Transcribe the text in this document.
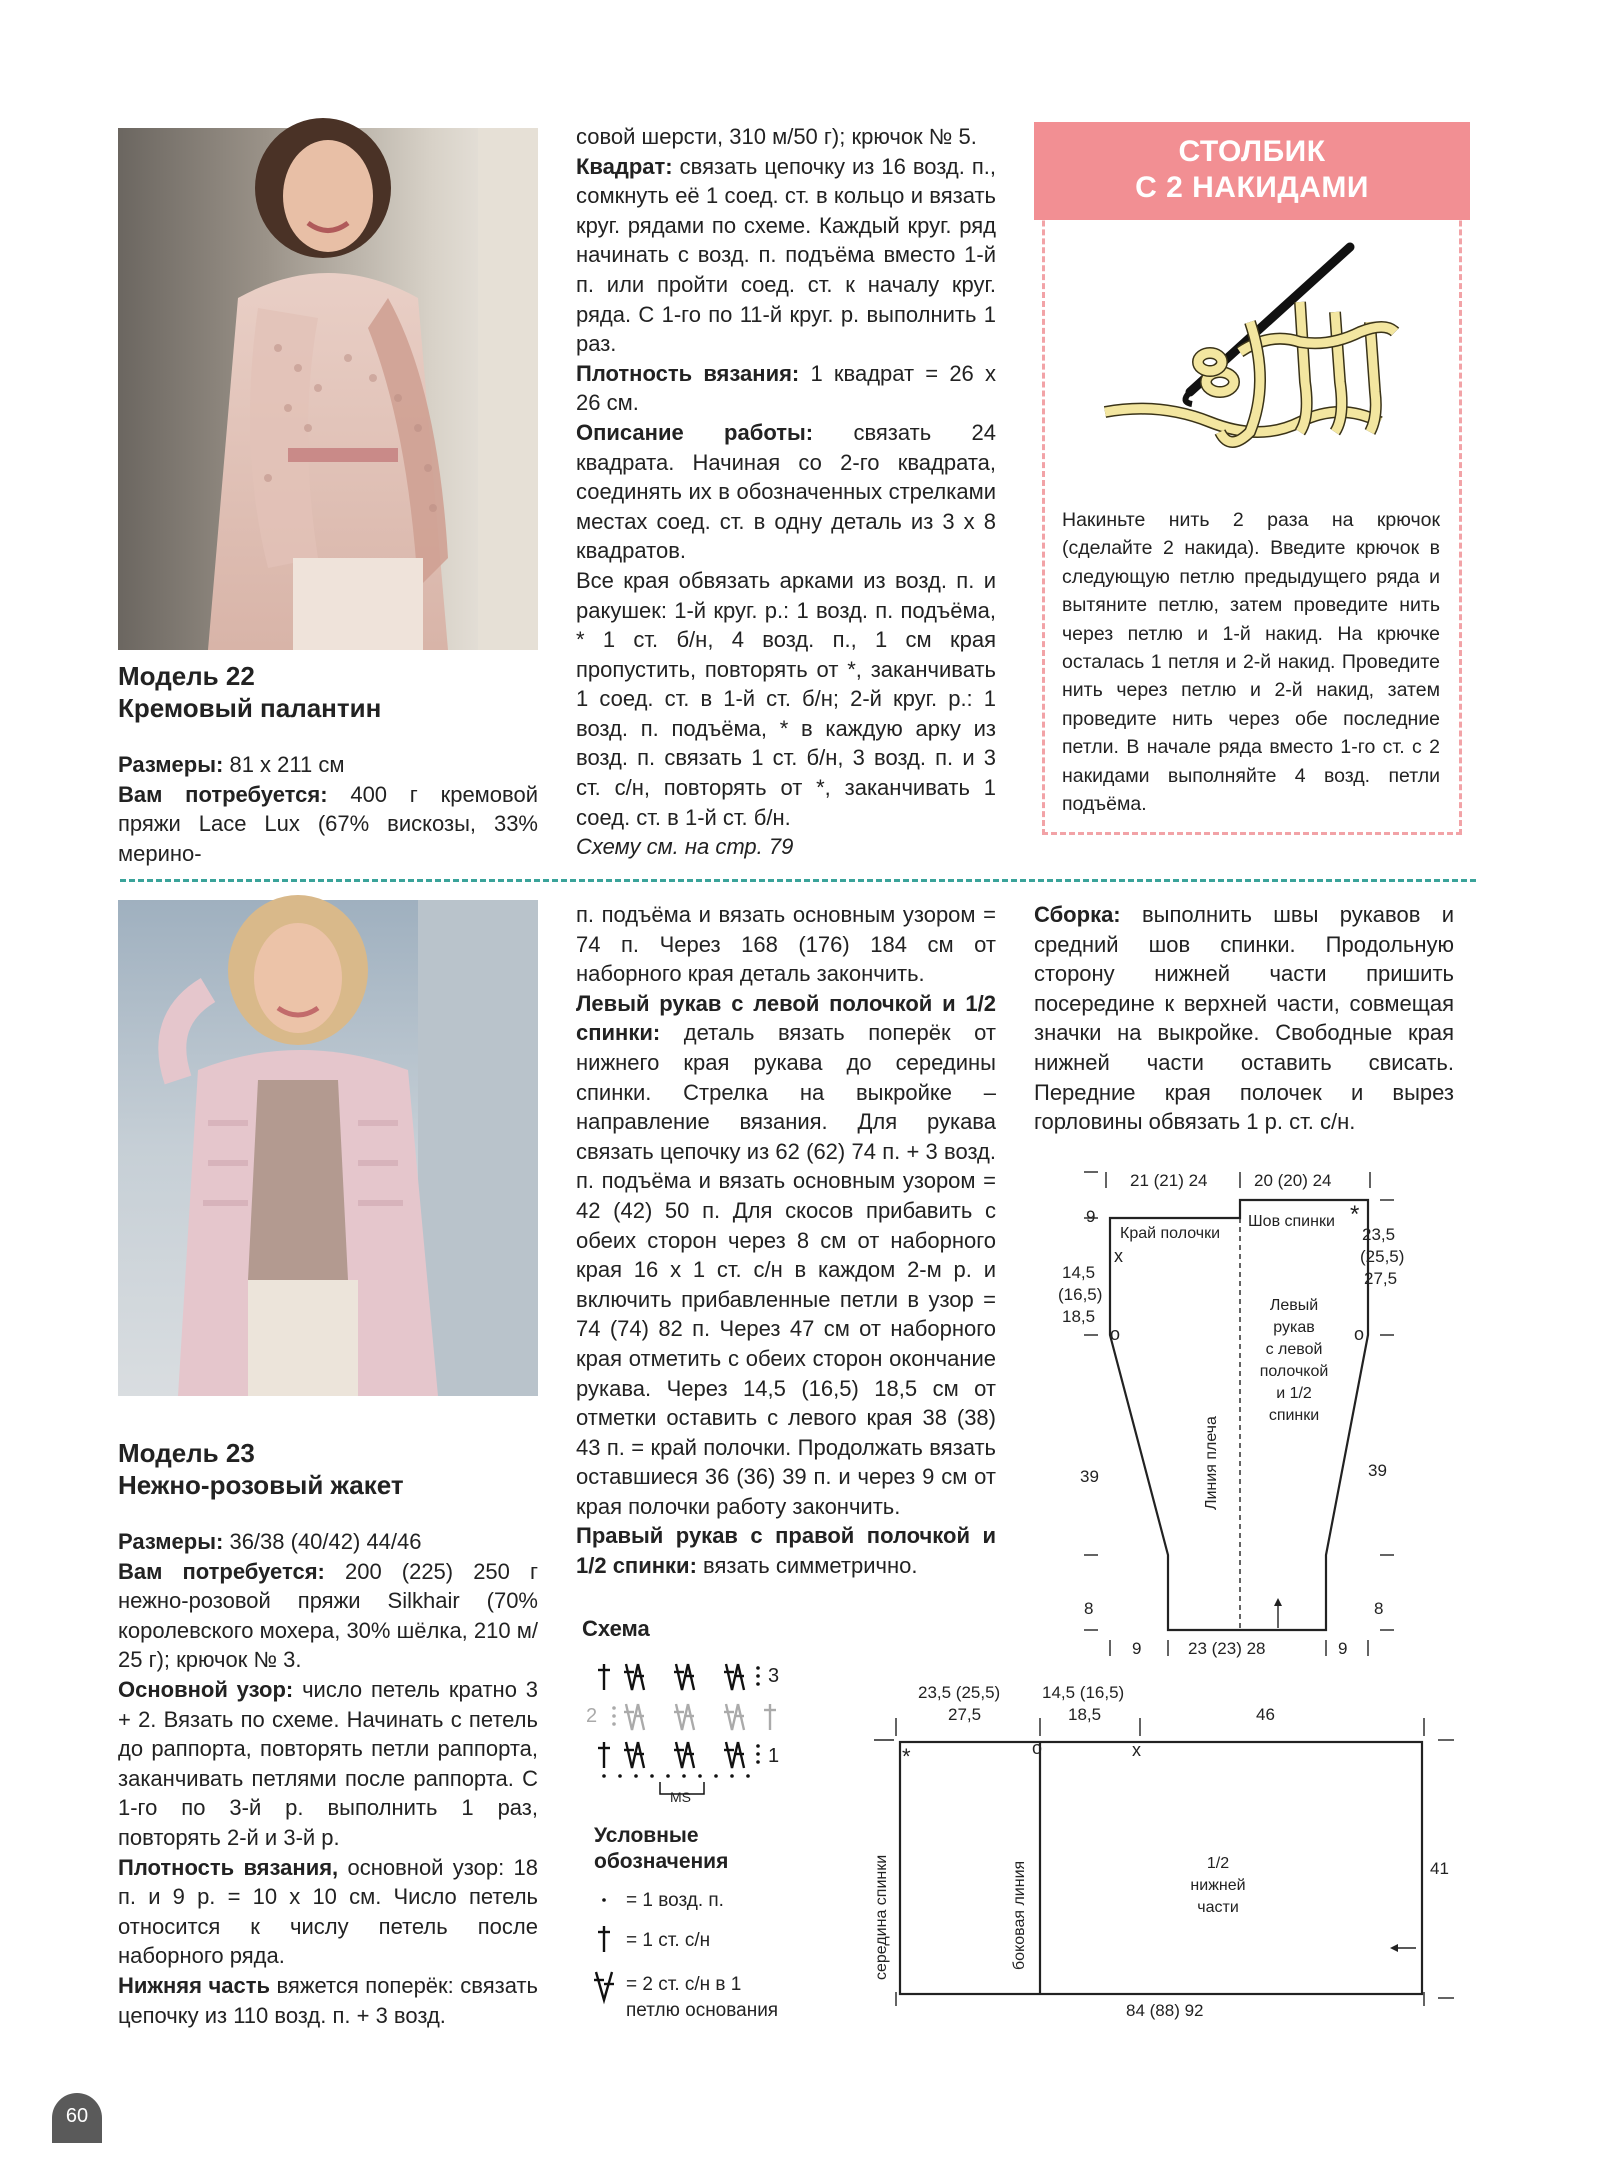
Модель 22
Кремовый палантин

Размеры: 81 x 211 см

Вам потребуется: 400 г кремовой пряжи Lace Lux (67% вискозы, 33% мерино-

совой шерсти, 310 м/50 г); крючок № 5.

Квадрат: связать цепочку из 16 возд. п., сомкнуть её 1 соед. ст. в кольцо и вязать круг. рядами по схеме. Каждый круг. ряд начинать с возд. п. подъёма вместо 1-й п. или пройти соед. ст. к началу круг. ряда. С 1-го по 11-й круг. р. выполнить 1 раз.

Плотность вязания: 1 квадрат = 26 x 26 см.

Описание работы: связать 24 квадрата. Начиная со 2-го квадрата, соединять их в обозначенных стрелками местах соед. ст. в одну деталь из 3 x 8 квадратов.

Все края обвязать арками из возд. п. и ракушек: 1-й круг. р.: 1 возд. п. подъёма, * 1 ст. б/н, 4 возд. п., 1 см края пропустить, повторять от *, заканчивать 1 соед. ст. в 1-й ст. б/н; 2-й круг. р.: 1 возд. п. подъёма, * в каждую арку из возд. п. связать 1 ст. б/н, 3 возд. п. и 3 ст. с/н, повторять от *, заканчивать 1 соед. ст. в 1-й ст. б/н.

Схему см. на стр. 79

СТОЛБИК
С 2 НАКИДАМИ
Накиньте нить 2 раза на крючок (сделайте 2 накида). Введите крючок в следующую петлю предыдущего ряда и вытяните петлю, затем проведите нить через петлю и 1-й накид. На крючке осталась 1 петля и 2-й накид. Проведите нить через петлю и 2-й накид, затем проведите нить через обе последние петли. В начале ряда вместо 1-го ст. с 2 накидами выполняйте 4 возд. петли подъёма.
Модель 23
Нежно-розовый жакет

Размеры: 36/38 (40/42) 44/46

Вам потребуется: 200 (225) 250 г нежно-розовой пряжи Silkhair (70% королевского мохера, 30% шёлка, 210 м/ 25 г); крючок № 3.

Основной узор: число петель кратно 3 + 2. Вязать по схеме. Начинать с петель до раппорта, повторять петли раппорта, заканчивать петлями после раппорта. С 1-го по 3-й р. выполнить 1 раз, повторять 2-й и 3-й р.

Плотность вязания, основной узор: 18 п. и 9 р. = 10 x 10 см. Число петель относится к числу петель после наборного ряда.

Нижняя часть вяжется поперёк: связать цепочку из 110 возд. п. + 3 возд.

п. подъёма и вязать основным узором = 74 п. Через 168 (176) 184 см от наборного края деталь закончить.

Левый рукав с левой полочкой и 1/2 спинки: деталь вязать поперёк от нижнего края рукава до середины спинки. Стрелка на выкройке – направление вязания. Для рукава связать цепочку из 62 (62) 74 п. + 3 возд. п. подъёма и вязать основным узором = 42 (42) 50 п. Для скосов прибавить с обеих сторон через 8 см от наборного края 16 x 1 ст. с/н в каждом 2-м р. и включить прибавленные петли в узор = 74 (74) 82 п. Через 47 см от наборного края отметить с обеих сторон окончание рукава. Через 14,5 (16,5) 18,5 см от отметки оставить с левого края 38 (38) 43 п. = край полочки. Продолжать вязать оставшиеся 36 (36) 39 п. и через 9 см от края полочки работу закончить.

Правый рукав с правой полочкой и 1/2 спинки: вязать симметрично.

Сборка: выполнить швы рукавов и средний шов спинки. Продольную сторону нижней части пришить посередине к верхней части, совмещая значки на выкройке. Свободные края нижней части оставить свисать. Передние края полочек и вырез горловины обвязать 1 р. ст. с/н.

Схема
3
2
1
MS
Условные
обозначения
= 1 возд. п.
= 1 ст. с/н
= 2 ст. с/н в 1
петлю основания
21 (21) 24	20 (20) 24
Край полочки
Шов спинки *
x
o	o
9
14,5
(16,5)
18,5
39
8
23,5
(25,5)
27,5
39
8
9	23 (23) 28	9
Линия плеча
Левый
рукав
с левой
полочкой
и 1/2
спинки
23,5 (25,5)
27,5
14,5 (16,5)
18,5	46
*	o	x
41
84 (88) 92
середина спинки	боковая линия	1/2
нижней
части
60
